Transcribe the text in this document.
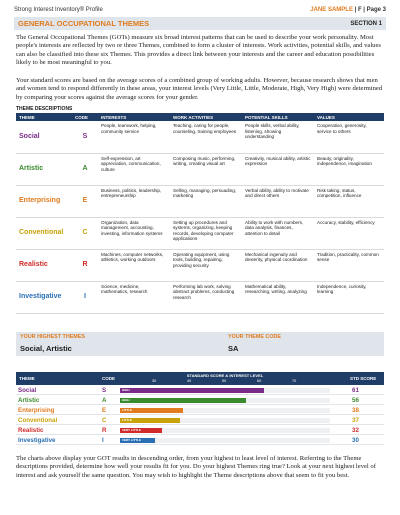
Strong Interest Inventory® Profile	JANE SAMPLE | F | Page 3
GENERAL OCCUPATIONAL THEMES	SECTION 1

The General Occupational Themes (GOTs) measure six broad interest patterns that can be used to describe your work personality. Most people's interests are reflected by two or three Themes, combined to form a cluster of interests. Work activities, potential skills, and values can also be classified into these six Themes. This provides a direct link between your interests and the career and education possibilities likely to be most meaningful to you.

Your standard scores are based on the average scores of a combined group of working adults. However, because research shows that men and women tend to respond differently in these areas, your interest levels (Very Little, Little, Moderate, High, Very High) were determined by comparing your scores against the average scores for your gender.

THEME DESCRIPTIONS
THEME	CODE	INTERESTS	WORK ACTIVITIES	POTENTIAL SKILLS	VALUES
Social	S	People, teamwork, helping, community service	Teaching, caring for people, counseling, training employees	People skills, verbal ability, listening, showing understanding	Cooperation, generosity, service to others
Artistic	A	Self-expression, art appreciation, communication, culture	Composing music, performing, writing, creating visual art	Creativity, musical ability, artistic expression	Beauty, originality, independence, imagination
Enterprising	E	Business, politics, leadership, entrepreneurship	Selling, managing, persuading, marketing	Verbal ability, ability to motivate and direct others	Risk taking, status, competition, influence
Conventional	C	Organization, data management, accounting, investing, information systems	Setting up procedures and systems, organizing, keeping records, developing computer applications	Ability to work with numbers, data analysis, finances, attention to detail	Accuracy, stability, efficiency
Realistic	R	Machines, computer networks, athletics, working outdoors	Operating equipment, using tools, building, repairing, providing security	Mechanical ingenuity and dexterity, physical coordination	Tradition, practicality, common sense
Investigative	I	Science, medicine, mathematics, research	Performing lab work, solving abstract problems, conducting research	Mathematical ability, researching, writing, analyzing	Independence, curiosity, learning
YOUR HIGHEST THEMES
Social, Artistic
YOUR THEME CODE
SA
THEME	CODE
STANDARD SCORE & INTEREST LEVEL
STD SCORE
30	40	50	60	70
Social	S	HIGH	61
Artistic	A	HIGH	56
Enterprising	E	LITTLE	38
Conventional	C	LITTLE	37
Realistic	R	VERY LITTLE	32
Investigative	I	VERY LITTLE	30

The charts above display your GOT results in descending order, from your highest to least level of interest. Referring to the Theme descriptions provided, determine how well your results fit for you. Do your highest Themes ring true? Look at your next highest level of interest and ask yourself the same question. You may wish to highlight the Theme descriptions above that seem to fit you best.
